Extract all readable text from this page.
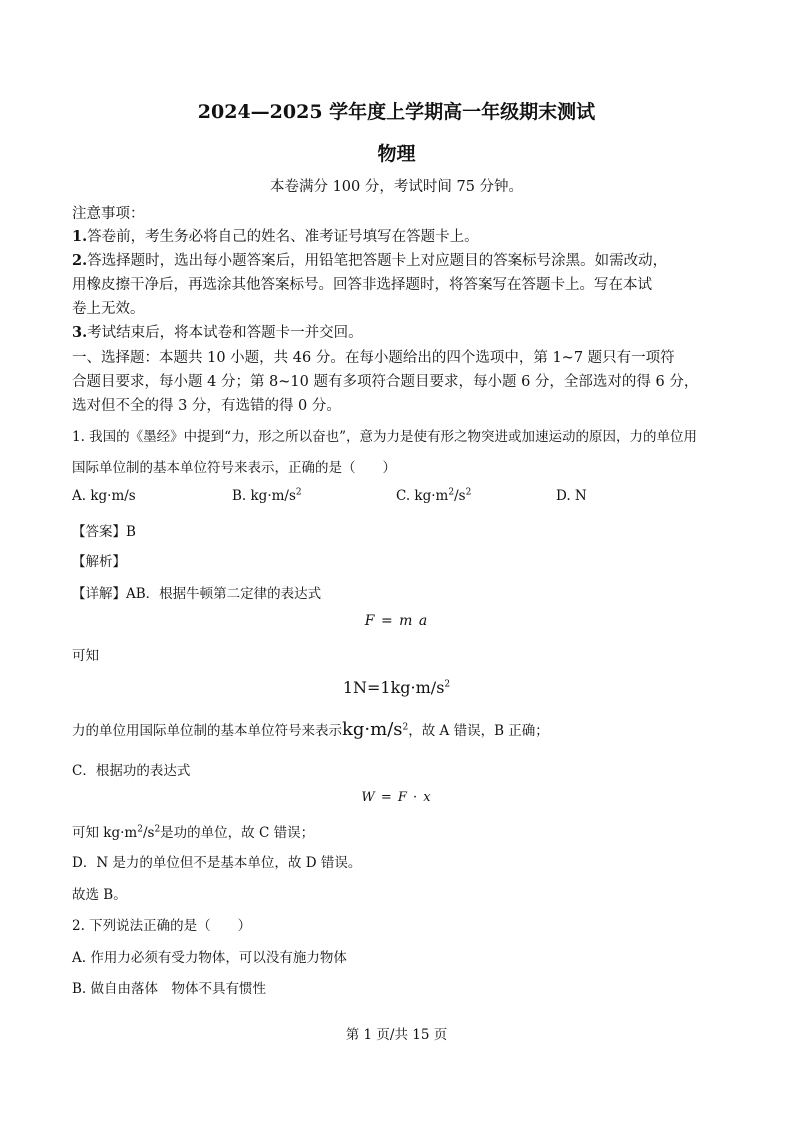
2024—2025 学年度上学期高一年级期末测试
物理
本卷满分 100 分，考试时间 75 分钟。
注意事项：
1.答卷前，考生务必将自己的姓名、准考证号填写在答题卡上。
2.答选择题时，选出每小题答案后，用铅笔把答题卡上对应题目的答案标号涂黑。如需改动，
用橡皮擦干净后，再选涂其他答案标号。回答非选择题时，将答案写在答题卡上。写在本试
卷上无效。
3.考试结束后，将本试卷和答题卡一并交回。
一、选择题：本题共 10 小题，共 46 分。在每小题给出的四个选项中，第 1~7 题只有一项符
合题目要求，每小题 4 分；第 8~10 题有多项符合题目要求，每小题 6 分，全部选对的得 6 分，
选对但不全的得 3 分，有选错的得 0 分。
1. 我国的《墨经》中提到“力，形之所以奋也”，意为力是使有形之物突进或加速运动的原因，力的单位用
国际单位制的基本单位符号来表示，正确的是（　　）
A. kg·m/s	B. $kg\cdot m/s^2$	C. $kg\cdot m^2/s^2$	D. N
【答案】B
【解析】
【详解】AB．根据牛顿第二定律的表达式
F = m a
可知
$1N=1kg\cdot m/s^2$
力的单位用国际单位制的基本单位符号来表示$kg\cdot m/s^2$，故 A 错误，B 正确；
C．根据功的表达式
W = F · x
可知 $kg\cdot m^2/s^2$是功的单位，故 C 错误；
D．N 是力的单位但不是基本单位，故 D 错误。
故选 B。
2. 下列说法正确的是（　　）
A. 作用力必须有受力物体，可以没有施力物体
B. 做自由落体　物体不具有惯性
第 1 页/共 15 页
